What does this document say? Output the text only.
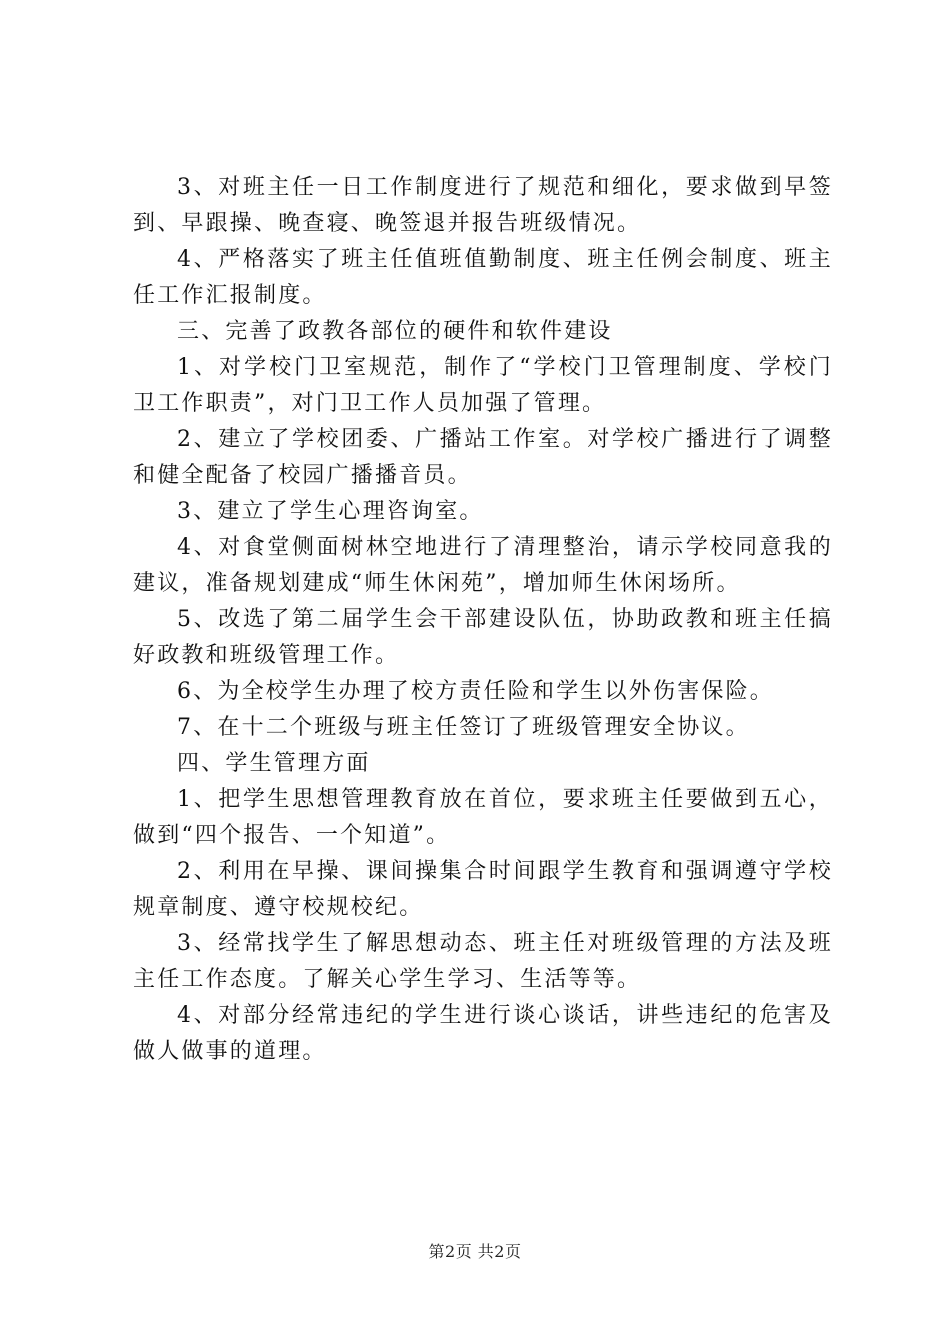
3、对班主任一日工作制度进行了规范和细化，要求做到早签到、早跟操、晚查寝、晚签退并报告班级情况。

4、严格落实了班主任值班值勤制度、班主任例会制度、班主任工作汇报制度。

三、完善了政教各部位的硬件和软件建设

1、对学校门卫室规范，制作了“学校门卫管理制度、学校门卫工作职责”，对门卫工作人员加强了管理。

2、建立了学校团委、广播站工作室。对学校广播进行了调整和健全配备了校园广播播音员。

3、建立了学生心理咨询室。

4、对食堂侧面树林空地进行了清理整治，请示学校同意我的建议，准备规划建成“师生休闲苑”，增加师生休闲场所。

5、改选了第二届学生会干部建设队伍，协助政教和班主任搞好政教和班级管理工作。

6、为全校学生办理了校方责任险和学生以外伤害保险。

7、在十二个班级与班主任签订了班级管理安全协议。

四、学生管理方面

1、把学生思想管理教育放在首位，要求班主任要做到五心，做到“四个报告、一个知道”。

2、利用在早操、课间操集合时间跟学生教育和强调遵守学校规章制度、遵守校规校纪。

3、经常找学生了解思想动态、班主任对班级管理的方法及班主任工作态度。了解关心学生学习、生活等等。

4、对部分经常违纪的学生进行谈心谈话，讲些违纪的危害及做人做事的道理。

第2页 共2页
